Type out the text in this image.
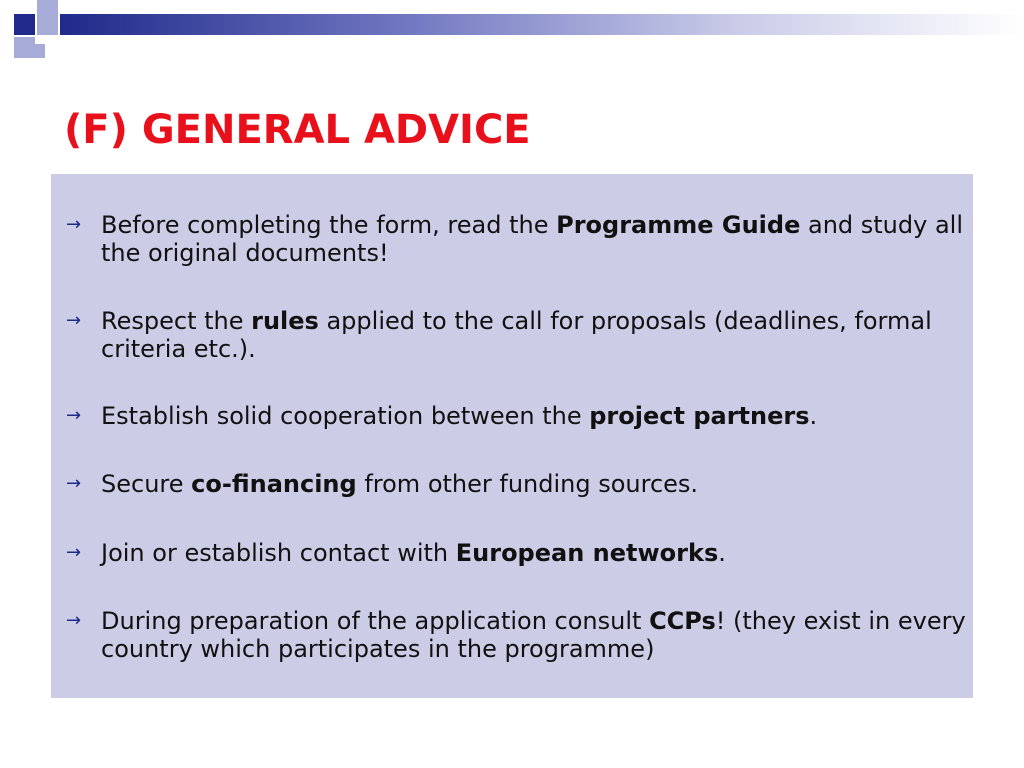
(F) GENERAL ADVICE
→ Before completing the form, read the Programme Guide and study all the original documents!
→ Respect the rules applied to the call for proposals (deadlines, formal criteria etc.).
→ Establish solid cooperation between the project partners.
→ Secure co-financing from other funding sources.
→ Join or establish contact with European networks.
→ During preparation of the application consult CCPs! (they exist in every country which participates in the programme)
